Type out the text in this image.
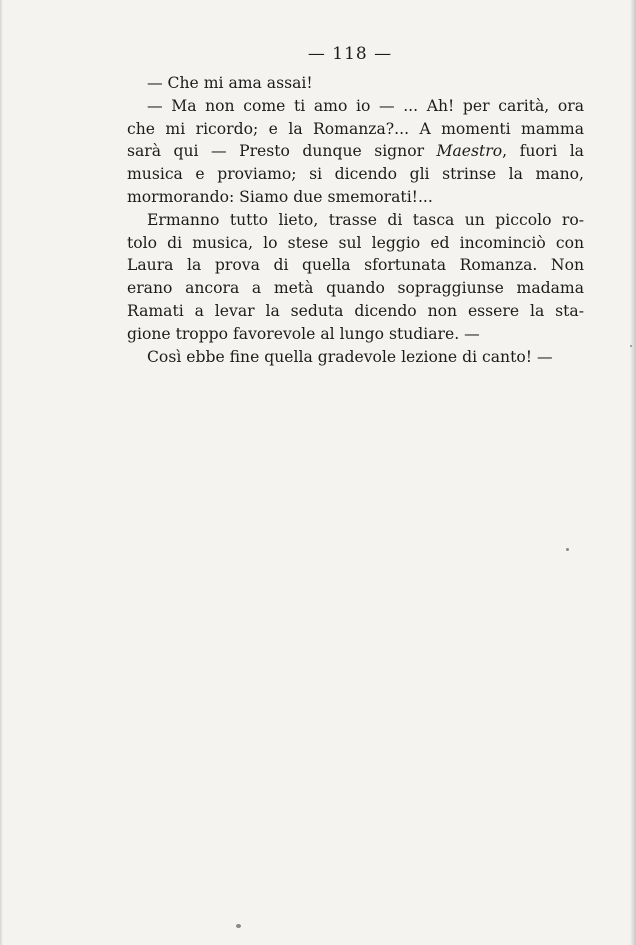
— 118 —
— Che mi ama assai!
— Ma non come ti amo io — ... Ah! per carità, ora
che mi ricordo; e la Romanza?... A momenti mamma
sarà qui — Presto dunque signor Maestro, fuori la
musica e proviamo; si dicendo gli strinse la mano,
mormorando: Siamo due smemorati!...
Ermanno tutto lieto, trasse di tasca un piccolo ro-
tolo di musica, lo stese sul leggio ed incominciò con
Laura la prova di quella sfortunata Romanza. Non
erano ancora a metà quando sopraggiunse madama
Ramati a levar la seduta dicendo non essere la sta-
gione troppo favorevole al lungo studiare. —
Così ebbe fine quella gradevole lezione di canto! —
